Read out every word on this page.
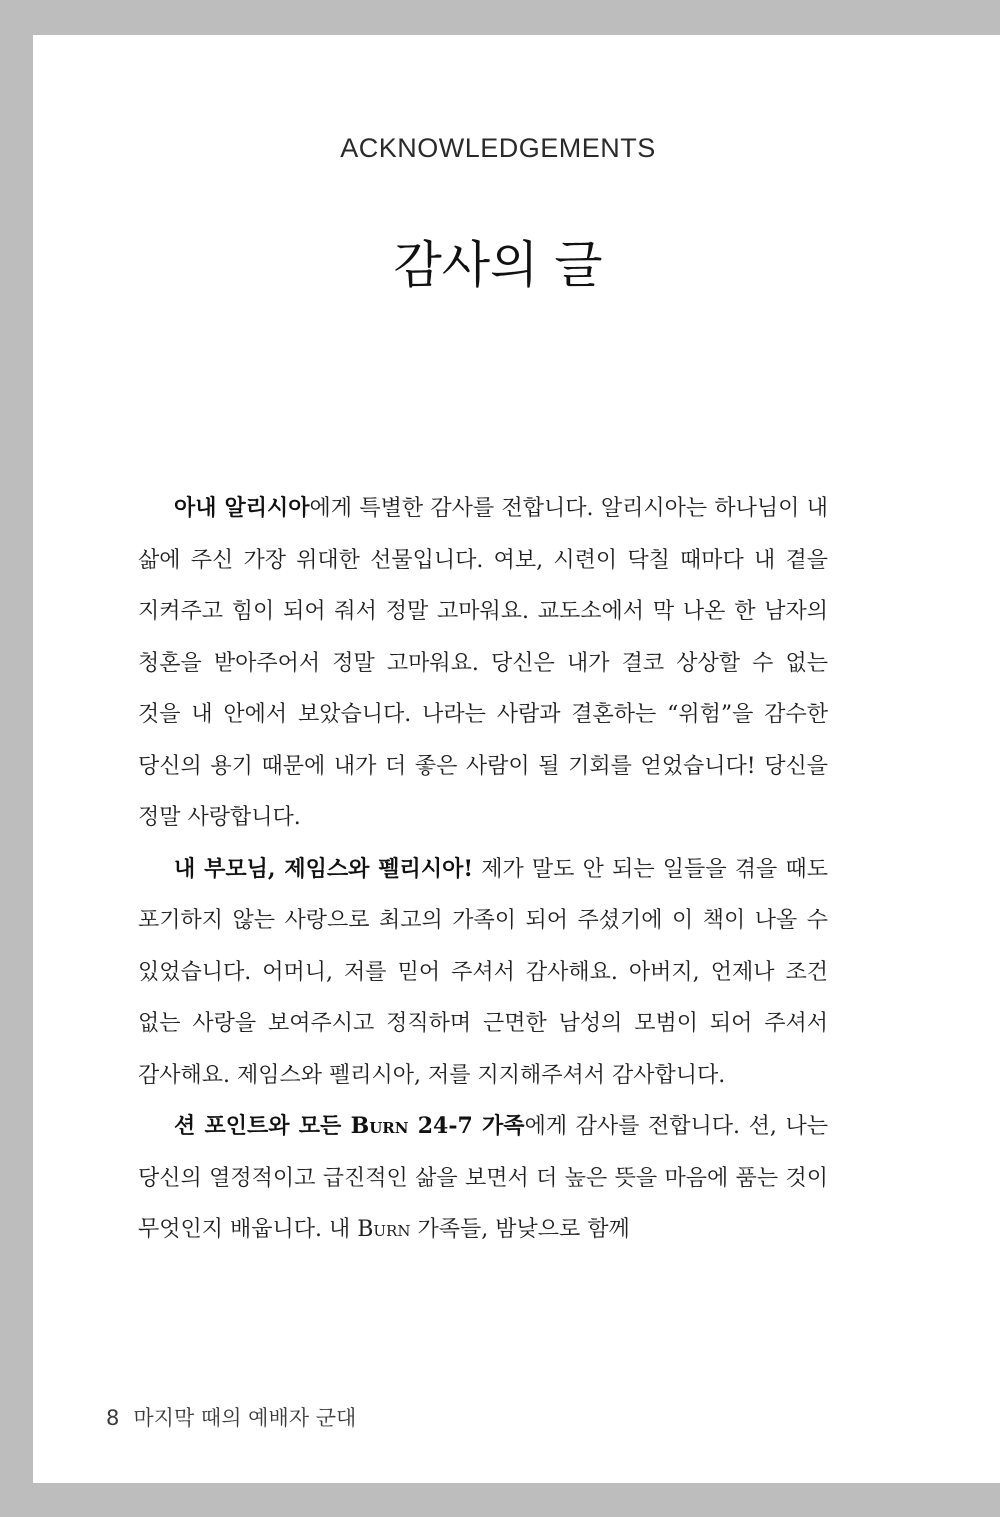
ACKNOWLEDGEMENTS
감사의 글

아내 알리시아에게 특별한 감사를 전합니다. 알리시아는 하나님이 내 삶에 주신 가장 위대한 선물입니다. 여보, 시련이 닥칠 때마다 내 곁을 지켜주고 힘이 되어 줘서 정말 고마워요. 교도소에서 막 나온 한 남자의 청혼을 받아주어서 정말 고마워요. 당신은 내가 결코 상상할 수 없는 것을 내 안에서 보았습니다. 나라는 사람과 결혼하는 “위험”을 감수한 당신의 용기 때문에 내가 더 좋은 사람이 될 기회를 얻었습니다! 당신을 정말 사랑합니다.

내 부모님, 제임스와 펠리시아! 제가 말도 안 되는 일들을 겪을 때도 포기하지 않는 사랑으로 최고의 가족이 되어 주셨기에 이 책이 나올 수 있었습니다. 어머니, 저를 믿어 주셔서 감사해요. 아버지, 언제나 조건 없는 사랑을 보여주시고 정직하며 근면한 남성의 모범이 되어 주셔서 감사해요. 제임스와 펠리시아, 저를 지지해주셔서 감사합니다.

션 포인트와 모든 Burn 24-7 가족에게 감사를 전합니다. 션, 나는 당신의 열정적이고 급진적인 삶을 보면서 더 높은 뜻을 마음에 품는 것이 무엇인지 배웁니다. 내 Burn 가족들, 밤낮으로 함께

8 마지막 때의 예배자 군대
